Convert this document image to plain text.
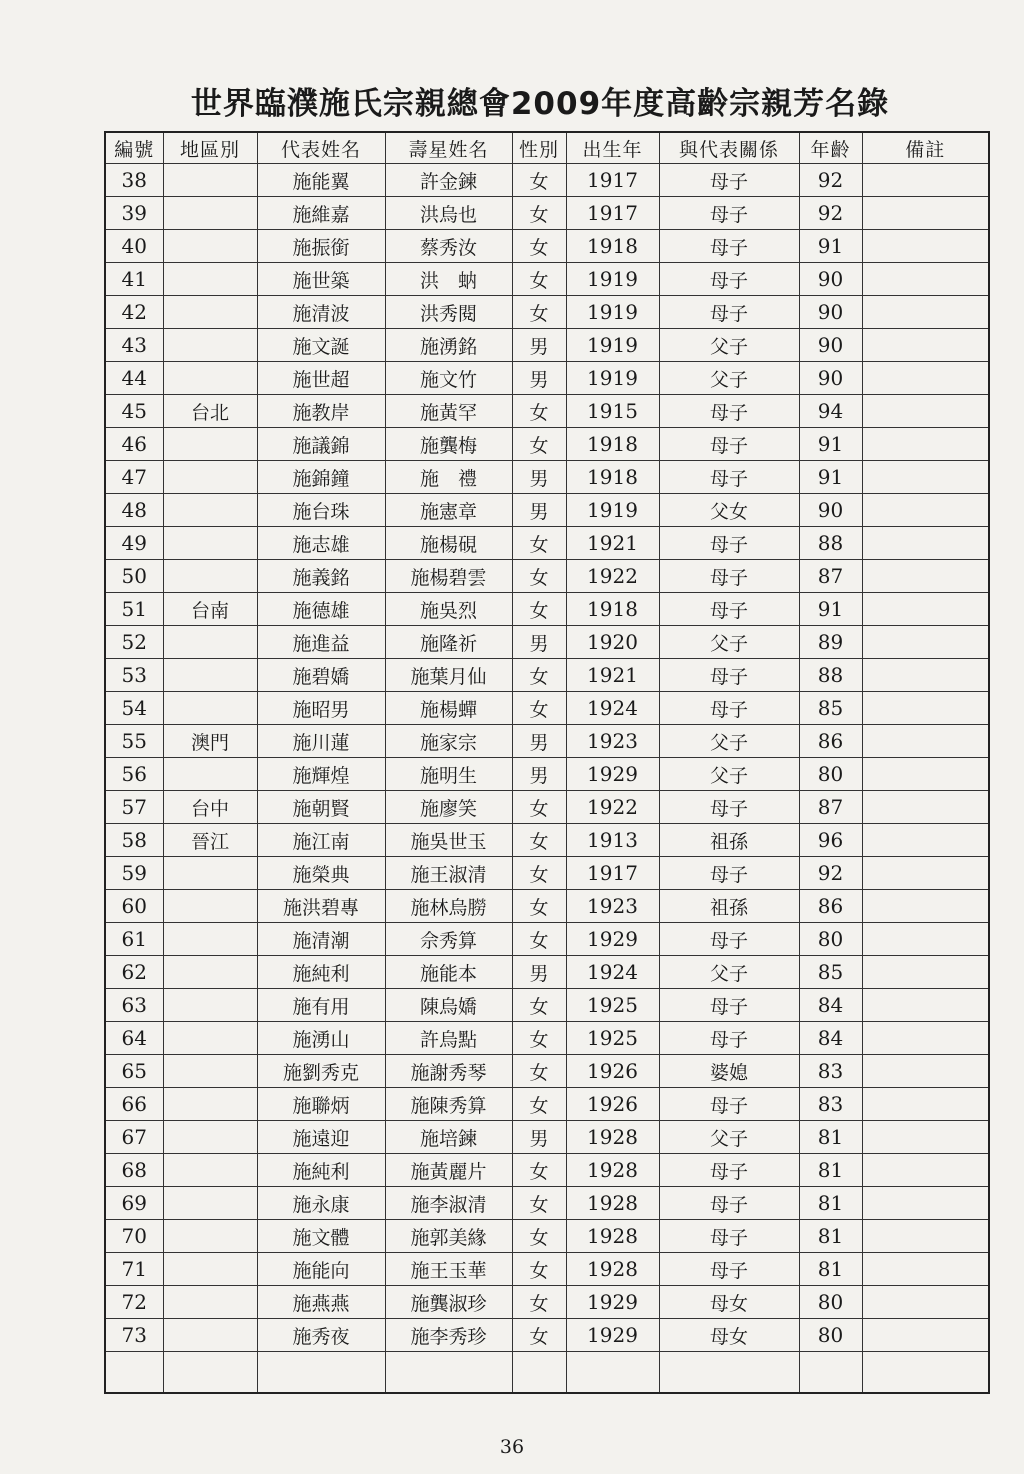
世界臨濮施氏宗親總會2009年度高齡宗親芳名錄
編號	地區別	代表姓名	壽星姓名	性別	出生年	與代表關係	年齡	備註
38		施能翼	許金鍊	女	1917	母子	92	
39		施維嘉	洪烏也	女	1917	母子	92	
40		施振銜	蔡秀汝	女	1918	母子	91	
41		施世築	洪　蚋	女	1919	母子	90	
42		施清波	洪秀閱	女	1919	母子	90	
43		施文誕	施湧銘	男	1919	父子	90	
44		施世超	施文竹	男	1919	父子	90	
45	台北	施教岸	施黃罕	女	1915	母子	94	
46		施議錦	施龔梅	女	1918	母子	91	
47		施錦鐘	施　禮	男	1918	母子	91	
48		施台珠	施憲章	男	1919	父女	90	
49		施志雄	施楊硯	女	1921	母子	88	
50		施義銘	施楊碧雲	女	1922	母子	87	
51	台南	施德雄	施吳烈	女	1918	母子	91	
52		施進益	施隆祈	男	1920	父子	89	
53		施碧嬌	施葉月仙	女	1921	母子	88	
54		施昭男	施楊蟬	女	1924	母子	85	
55	澳門	施川蓮	施家宗	男	1923	父子	86	
56		施輝煌	施明生	男	1929	父子	80	
57	台中	施朝賢	施廖笑	女	1922	母子	87	
58	晉江	施江南	施吳世玉	女	1913	祖孫	96	
59		施榮典	施王淑清	女	1917	母子	92	
60		施洪碧專	施林烏朥	女	1923	祖孫	86	
61		施清潮	佘秀算	女	1929	母子	80	
62		施純利	施能本	男	1924	父子	85	
63		施有用	陳烏嬌	女	1925	母子	84	
64		施湧山	許烏點	女	1925	母子	84	
65		施劉秀克	施謝秀琴	女	1926	婆媳	83	
66		施聯炳	施陳秀算	女	1926	母子	83	
67		施遠迎	施培鍊	男	1928	父子	81	
68		施純利	施黃麗片	女	1928	母子	81	
69		施永康	施李淑清	女	1928	母子	81	
70		施文體	施郭美緣	女	1928	母子	81	
71		施能向	施王玉華	女	1928	母子	81	
72		施燕燕	施龔淑珍	女	1929	母女	80	
73		施秀夜	施李秀珍	女	1929	母女	80	

36
